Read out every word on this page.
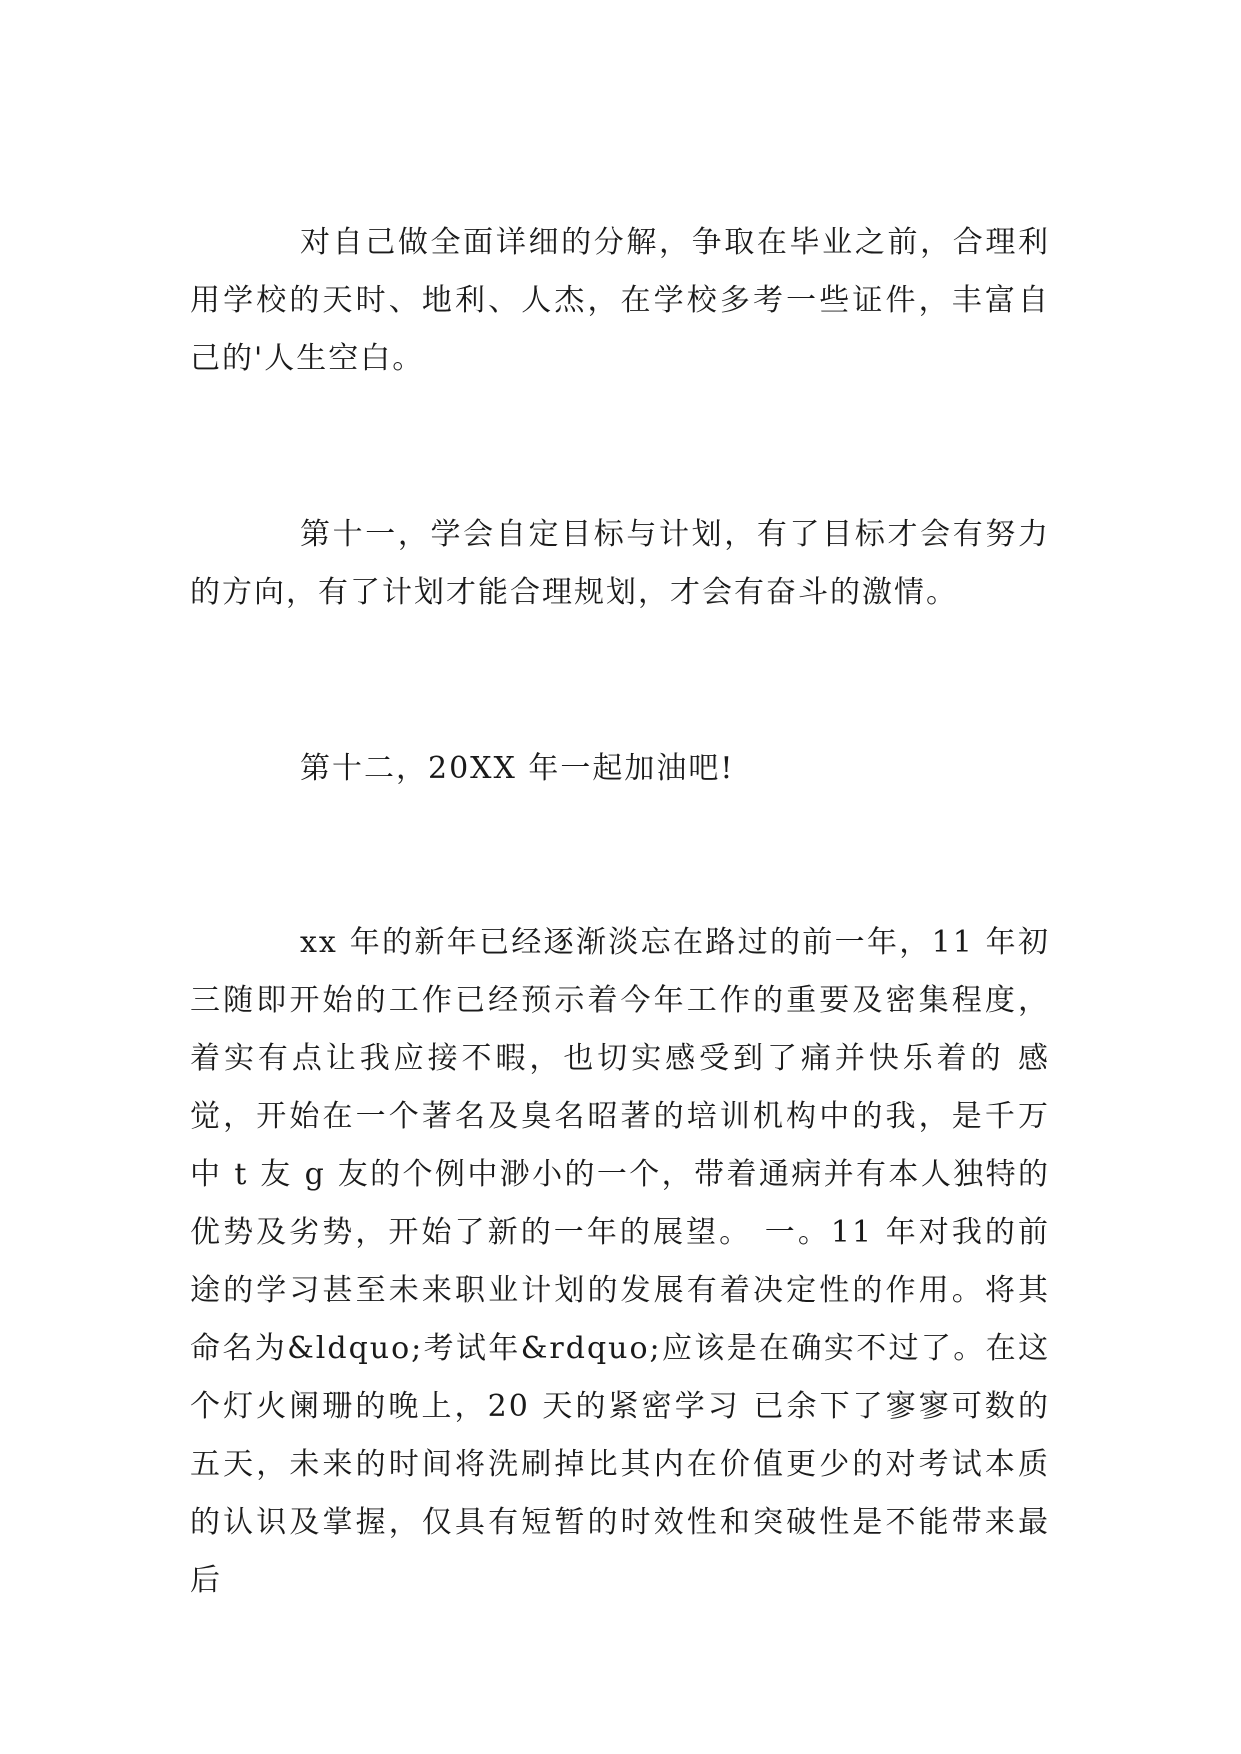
对自己做全面详细的分解，争取在毕业之前，合理利用学校的天时、地利、人杰，在学校多考一些证件，丰富自己的'人生空白。

第十一，学会自定目标与计划，有了目标才会有努力的方向，有了计划才能合理规划，才会有奋斗的激情。

第十二，20XX 年一起加油吧!

xx 年的新年已经逐渐淡忘在路过的前一年，11 年初三随即开始的工作已经预示着今年工作的重要及密集程度，着实有点让我应接不暇，也切实感受到了痛并快乐着的 感觉，开始在一个著名及臭名昭著的培训机构中的我，是千万中 t 友 g 友的个例中渺小的一个，带着通病并有本人独特的优势及劣势，开始了新的一年的展望。 一。11 年对我的前途的学习甚至未来职业计划的发展有着决定性的作用。将其命名为&ldquo;考试年&rdquo;应该是在确实不过了。在这个灯火阑珊的晚上，20 天的紧密学习 已余下了寥寥可数的五天，未来的时间将洗刷掉比其内在价值更少的对考试本质的认识及掌握，仅具有短暂的时效性和突破性是不能带来最后
